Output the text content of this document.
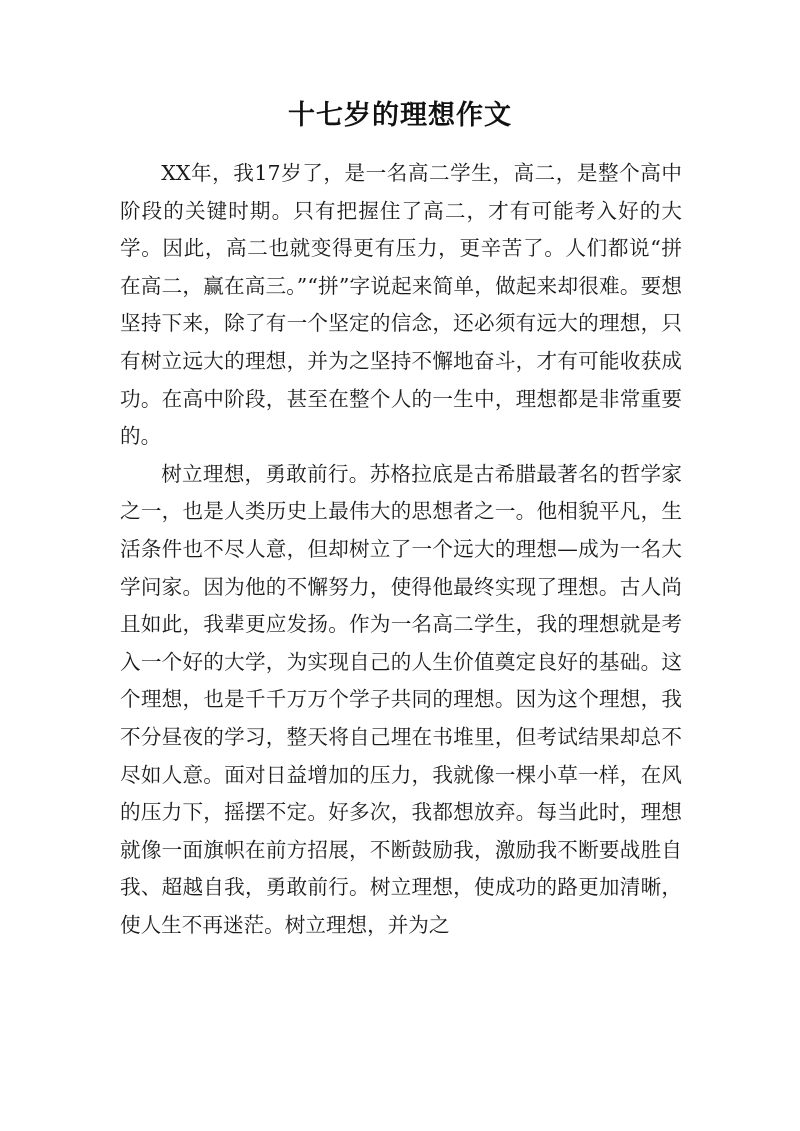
十七岁的理想作文

XX年，我17岁了，是一名高二学生，高二，是整个高中阶段的关键时期。只有把握住了高二，才有可能考入好的大学。因此，高二也就变得更有压力，更辛苦了。人们都说“拼在高二，赢在高三。”“拼”字说起来简单，做起来却很难。要想坚持下来，除了有一个坚定的信念，还必须有远大的理想，只有树立远大的理想，并为之坚持不懈地奋斗，才有可能收获成功。在高中阶段，甚至在整个人的一生中，理想都是非常重要的。

树立理想，勇敢前行。苏格拉底是古希腊最著名的哲学家之一，也是人类历史上最伟大的思想者之一。他相貌平凡，生活条件也不尽人意，但却树立了一个远大的理想—成为一名大学问家。因为他的不懈努力，使得他最终实现了理想。古人尚且如此，我辈更应发扬。作为一名高二学生，我的理想就是考入一个好的大学，为实现自己的人生价值奠定良好的基础。这个理想，也是千千万万个学子共同的理想。因为这个理想，我不分昼夜的学习，整天将自己埋在书堆里，但考试结果却总不尽如人意。面对日益增加的压力，我就像一棵小草一样，在风的压力下，摇摆不定。好多次，我都想放弃。每当此时，理想就像一面旗帜在前方招展，不断鼓励我，激励我不断要战胜自我、超越自我，勇敢前行。树立理想，使成功的路更加清晰，使人生不再迷茫。树立理想，并为之
